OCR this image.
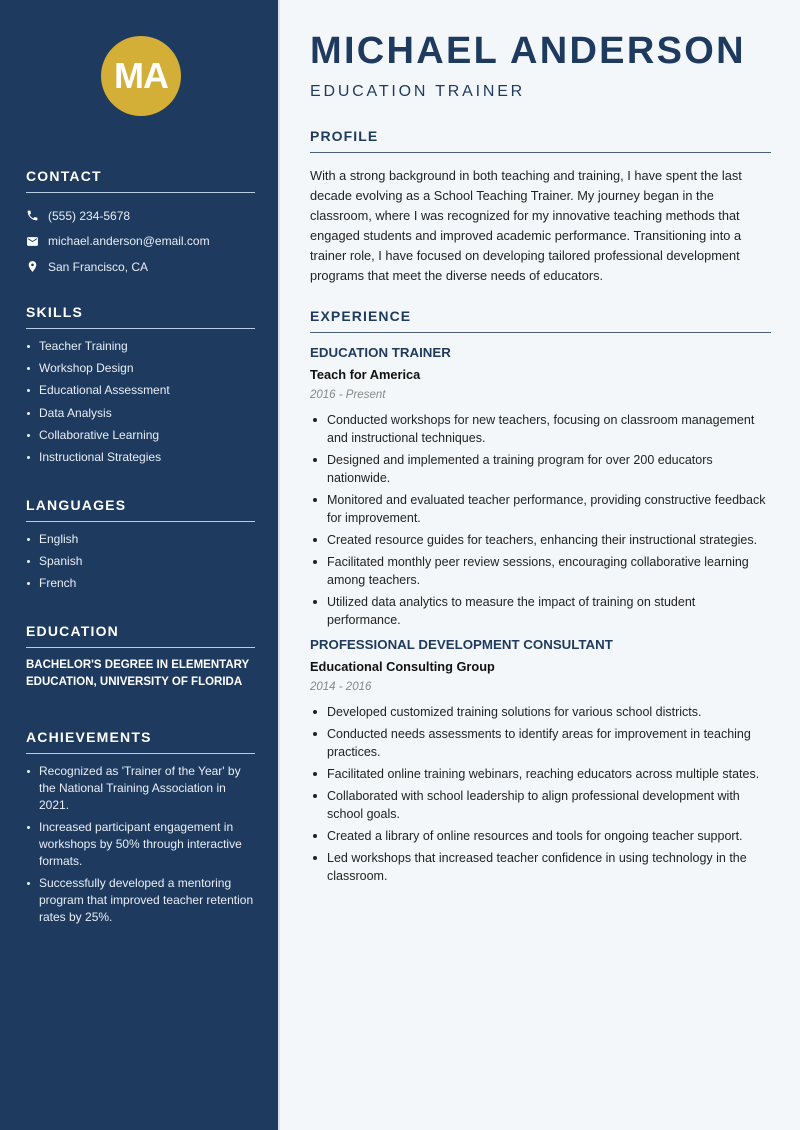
MA
CONTACT
(555) 234-5678
michael.anderson@email.com
San Francisco, CA
SKILLS
Teacher Training
Workshop Design
Educational Assessment
Data Analysis
Collaborative Learning
Instructional Strategies
LANGUAGES
English
Spanish
French
EDUCATION
BACHELOR'S DEGREE IN ELEMENTARY EDUCATION, UNIVERSITY OF FLORIDA
ACHIEVEMENTS
Recognized as 'Trainer of the Year' by the National Training Association in 2021.
Increased participant engagement in workshops by 50% through interactive formats.
Successfully developed a mentoring program that improved teacher retention rates by 25%.
MICHAEL ANDERSON
EDUCATION TRAINER
PROFILE

With a strong background in both teaching and training, I have spent the last decade evolving as a School Teaching Trainer. My journey began in the classroom, where I was recognized for my innovative teaching methods that engaged students and improved academic performance. Transitioning into a trainer role, I have focused on developing tailored professional development programs that meet the diverse needs of educators.

EXPERIENCE
EDUCATION TRAINER
Teach for America
2016 - Present
Conducted workshops for new teachers, focusing on classroom management and instructional techniques.
Designed and implemented a training program for over 200 educators nationwide.
Monitored and evaluated teacher performance, providing constructive feedback for improvement.
Created resource guides for teachers, enhancing their instructional strategies.
Facilitated monthly peer review sessions, encouraging collaborative learning among teachers.
Utilized data analytics to measure the impact of training on student performance.
PROFESSIONAL DEVELOPMENT CONSULTANT
Educational Consulting Group
2014 - 2016
Developed customized training solutions for various school districts.
Conducted needs assessments to identify areas for improvement in teaching practices.
Facilitated online training webinars, reaching educators across multiple states.
Collaborated with school leadership to align professional development with school goals.
Created a library of online resources and tools for ongoing teacher support.
Led workshops that increased teacher confidence in using technology in the classroom.
